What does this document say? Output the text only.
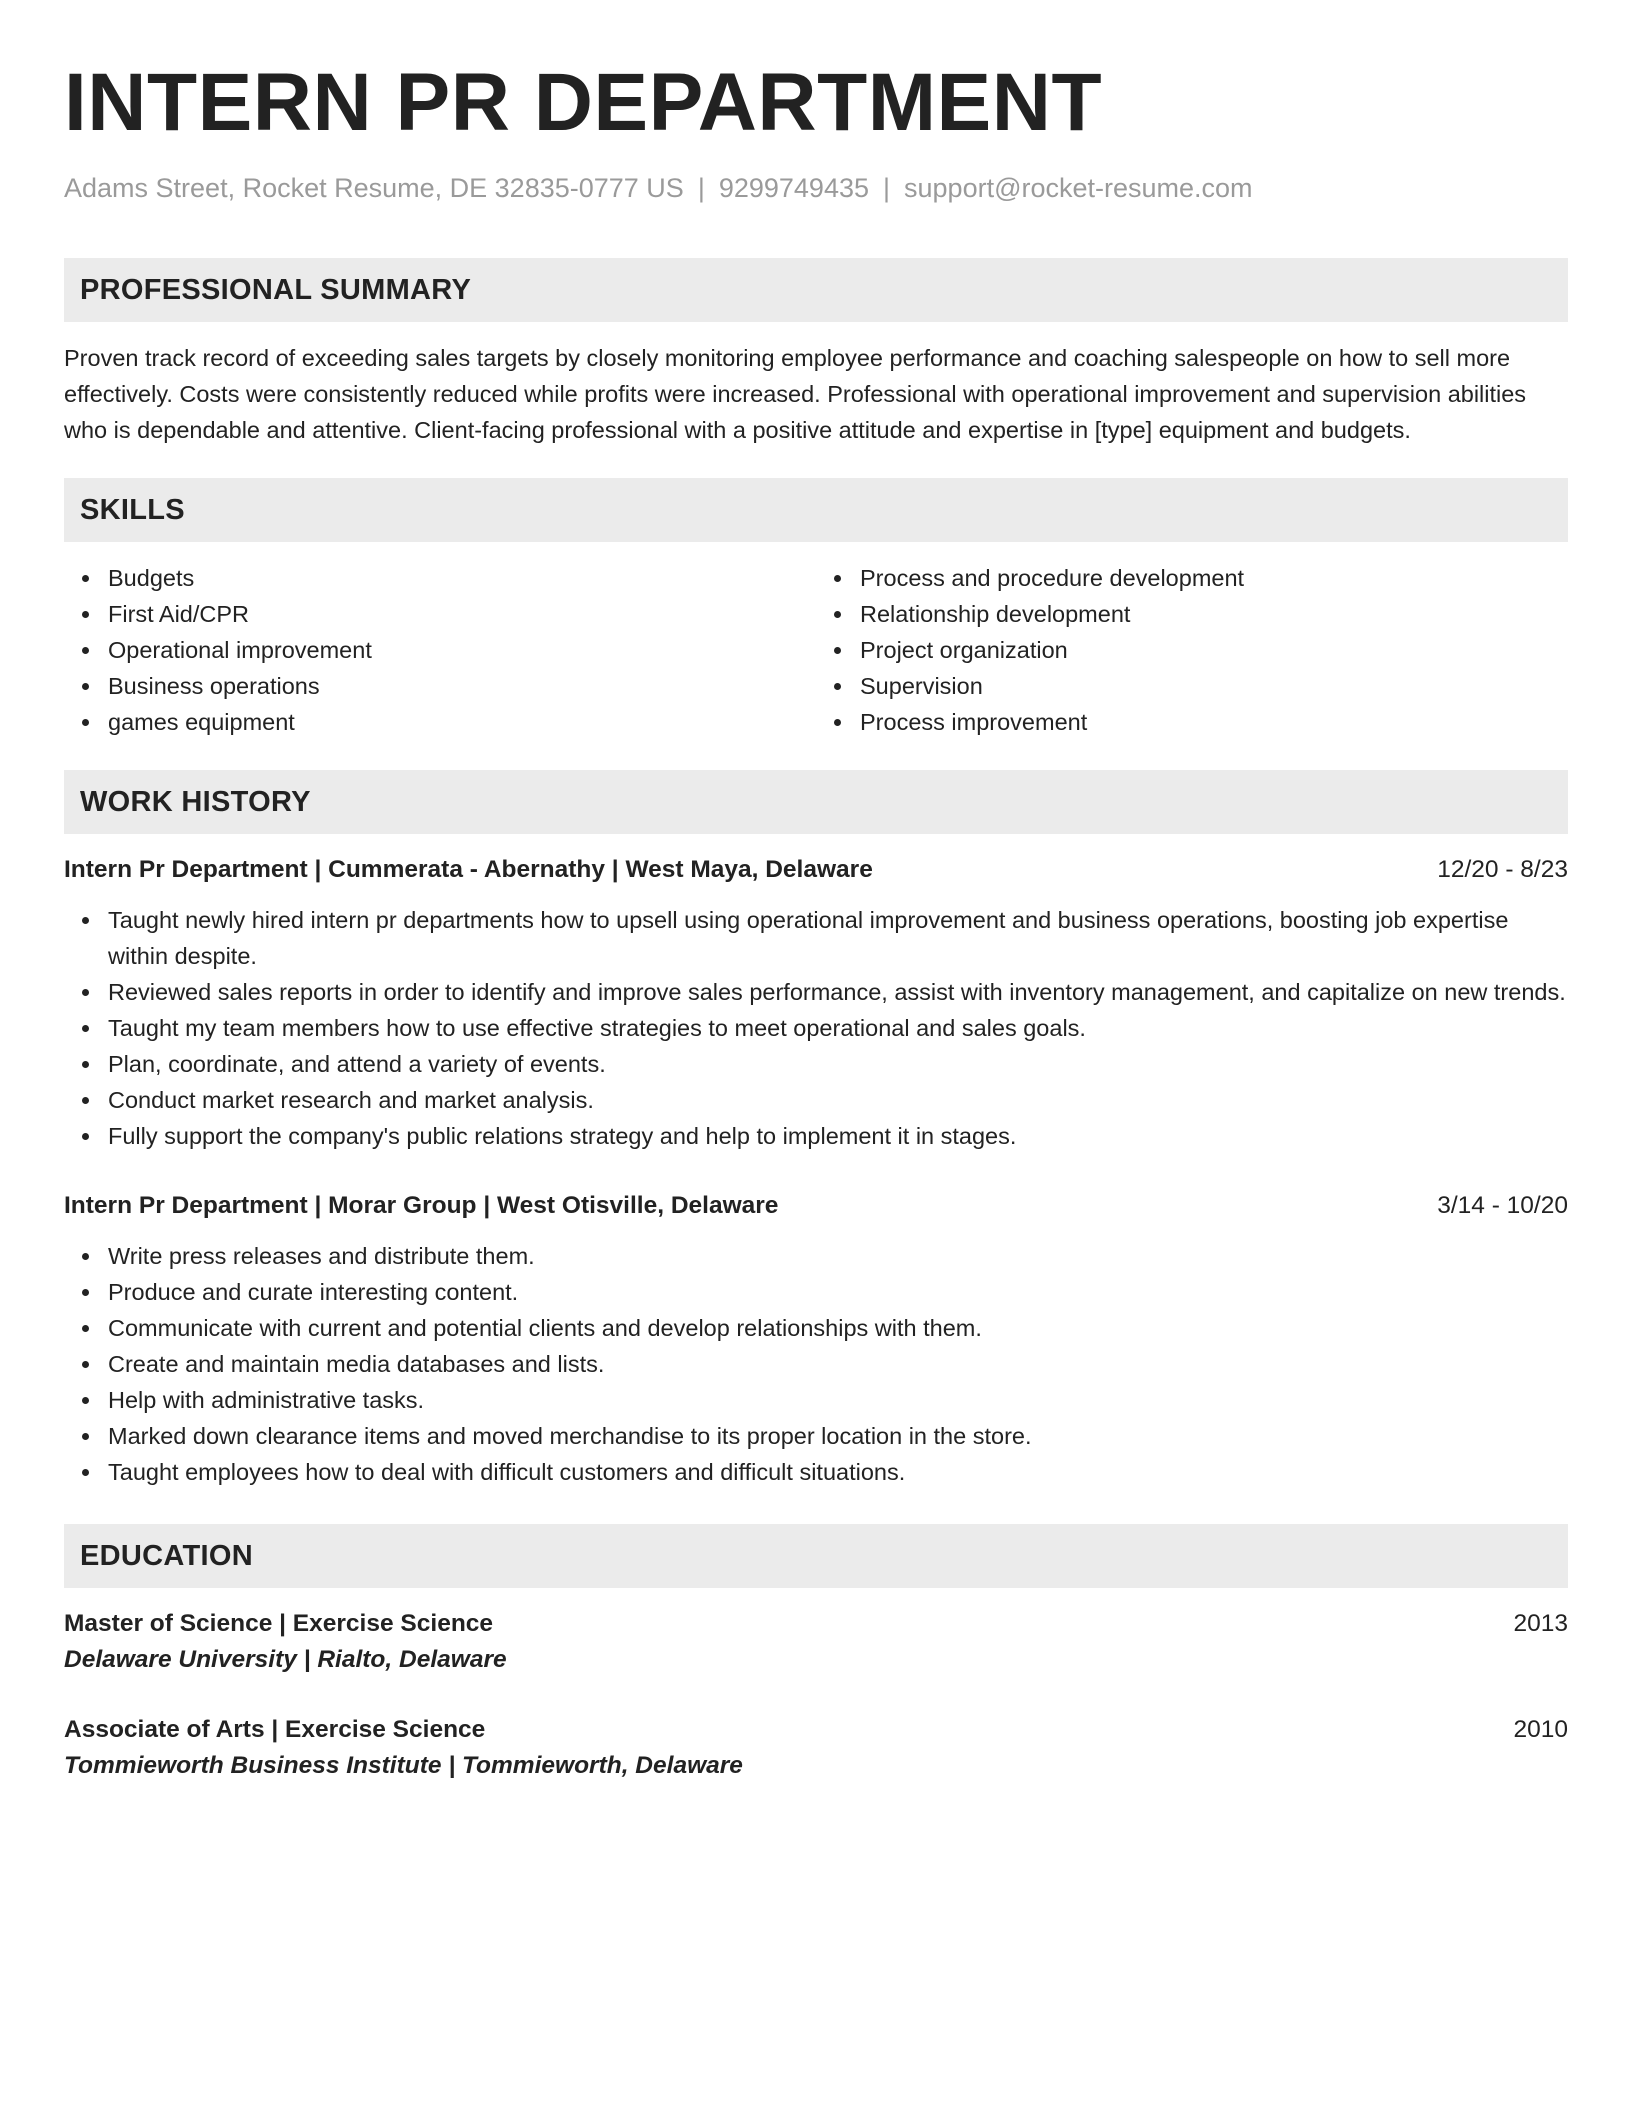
INTERN PR DEPARTMENT
Adams Street, Rocket Resume, DE 32835-0777 US | 9299749435 | support@rocket-resume.com
PROFESSIONAL SUMMARY

Proven track record of exceeding sales targets by closely monitoring employee performance and coaching salespeople on how to sell more effectively. Costs were consistently reduced while profits were increased. Professional with operational improvement and supervision abilities who is dependable and attentive. Client-facing professional with a positive attitude and expertise in [type] equipment and budgets.

SKILLS
Budgets
First Aid/CPR
Operational improvement
Business operations
games equipment
Process and procedure development
Relationship development
Project organization
Supervision
Process improvement
WORK HISTORY
Intern Pr Department | Cummerata - Abernathy | West Maya, Delaware	12/20 - 8/23
Taught newly hired intern pr departments how to upsell using operational improvement and business operations, boosting job expertise within despite.
Reviewed sales reports in order to identify and improve sales performance, assist with inventory management, and capitalize on new trends.
Taught my team members how to use effective strategies to meet operational and sales goals.
Plan, coordinate, and attend a variety of events.
Conduct market research and market analysis.
Fully support the company's public relations strategy and help to implement it in stages.
Intern Pr Department | Morar Group | West Otisville, Delaware	3/14 - 10/20
Write press releases and distribute them.
Produce and curate interesting content.
Communicate with current and potential clients and develop relationships with them.
Create and maintain media databases and lists.
Help with administrative tasks.
Marked down clearance items and moved merchandise to its proper location in the store.
Taught employees how to deal with difficult customers and difficult situations.
EDUCATION
Master of Science | Exercise Science	2013
Delaware University | Rialto, Delaware
Associate of Arts | Exercise Science	2010
Tommieworth Business Institute | Tommieworth, Delaware
